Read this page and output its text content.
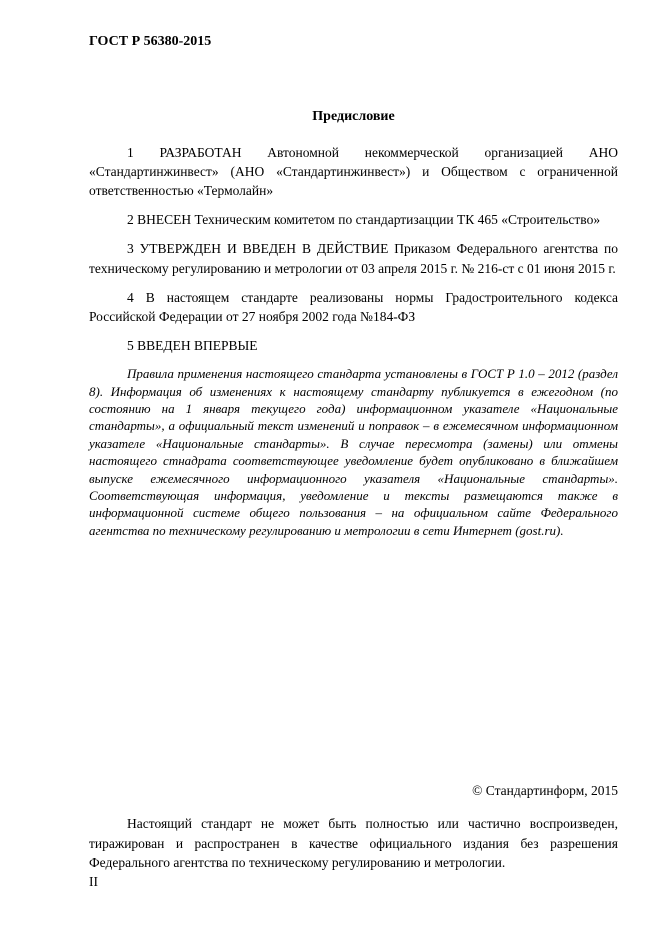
ГОСТ Р 56380-2015
Предисловие

1 РАЗРАБОТАН Автономной некоммерческой организацией АНО «Стандартинжинвест» (АНО «Стандартинжинвест») и Обществом с ограниченной ответственностью «Термолайн»

2 ВНЕСЕН Техническим комитетом по стандартизацции ТК 465 «Строительство»

3 УТВЕРЖДЕН И ВВЕДЕН В ДЕЙСТВИЕ Приказом Федерального агентства по техническому регулированию и метрологии от 03 апреля 2015 г. № 216-ст с 01 июня 2015 г.

4 В настоящем стандарте реализованы нормы Градостроительного кодекса Российской Федерации от 27 ноября 2002 года №184-ФЗ

5 ВВЕДЕН ВПЕРВЫЕ

Правила применения настоящего стандарта установлены в ГОСТ Р 1.0 – 2012 (раздел 8). Информация об изменениях к настоящему стандарту публикуется в ежегодном (по состоянию на 1 января текущего года) информационном указателе «Национальные стандарты», а официальный текст изменений и поправок – в ежемесячном информационном указателе «Национальные стандарты». В случае пересмотра (замены) или отмены настоящего стнадрата соответствующее уведомление будет опубликовано в ближайшем выпуске ежемесячного информационного указателя «Национальные стандарты». Соответствующая информация, уведомление и тексты размещаются также в информационной системе общего пользования – на официальном сайте Федерального агентства по техническому регулированию и метрологии в сети Интернет (gost.ru).

© Стандартинформ, 2015

Настоящий стандарт не может быть полностью или частично воспроизведен, тиражирован и распространен в качестве официального издания без разрешения Федерального агентства по техническому регулированию и метрологии.

II
